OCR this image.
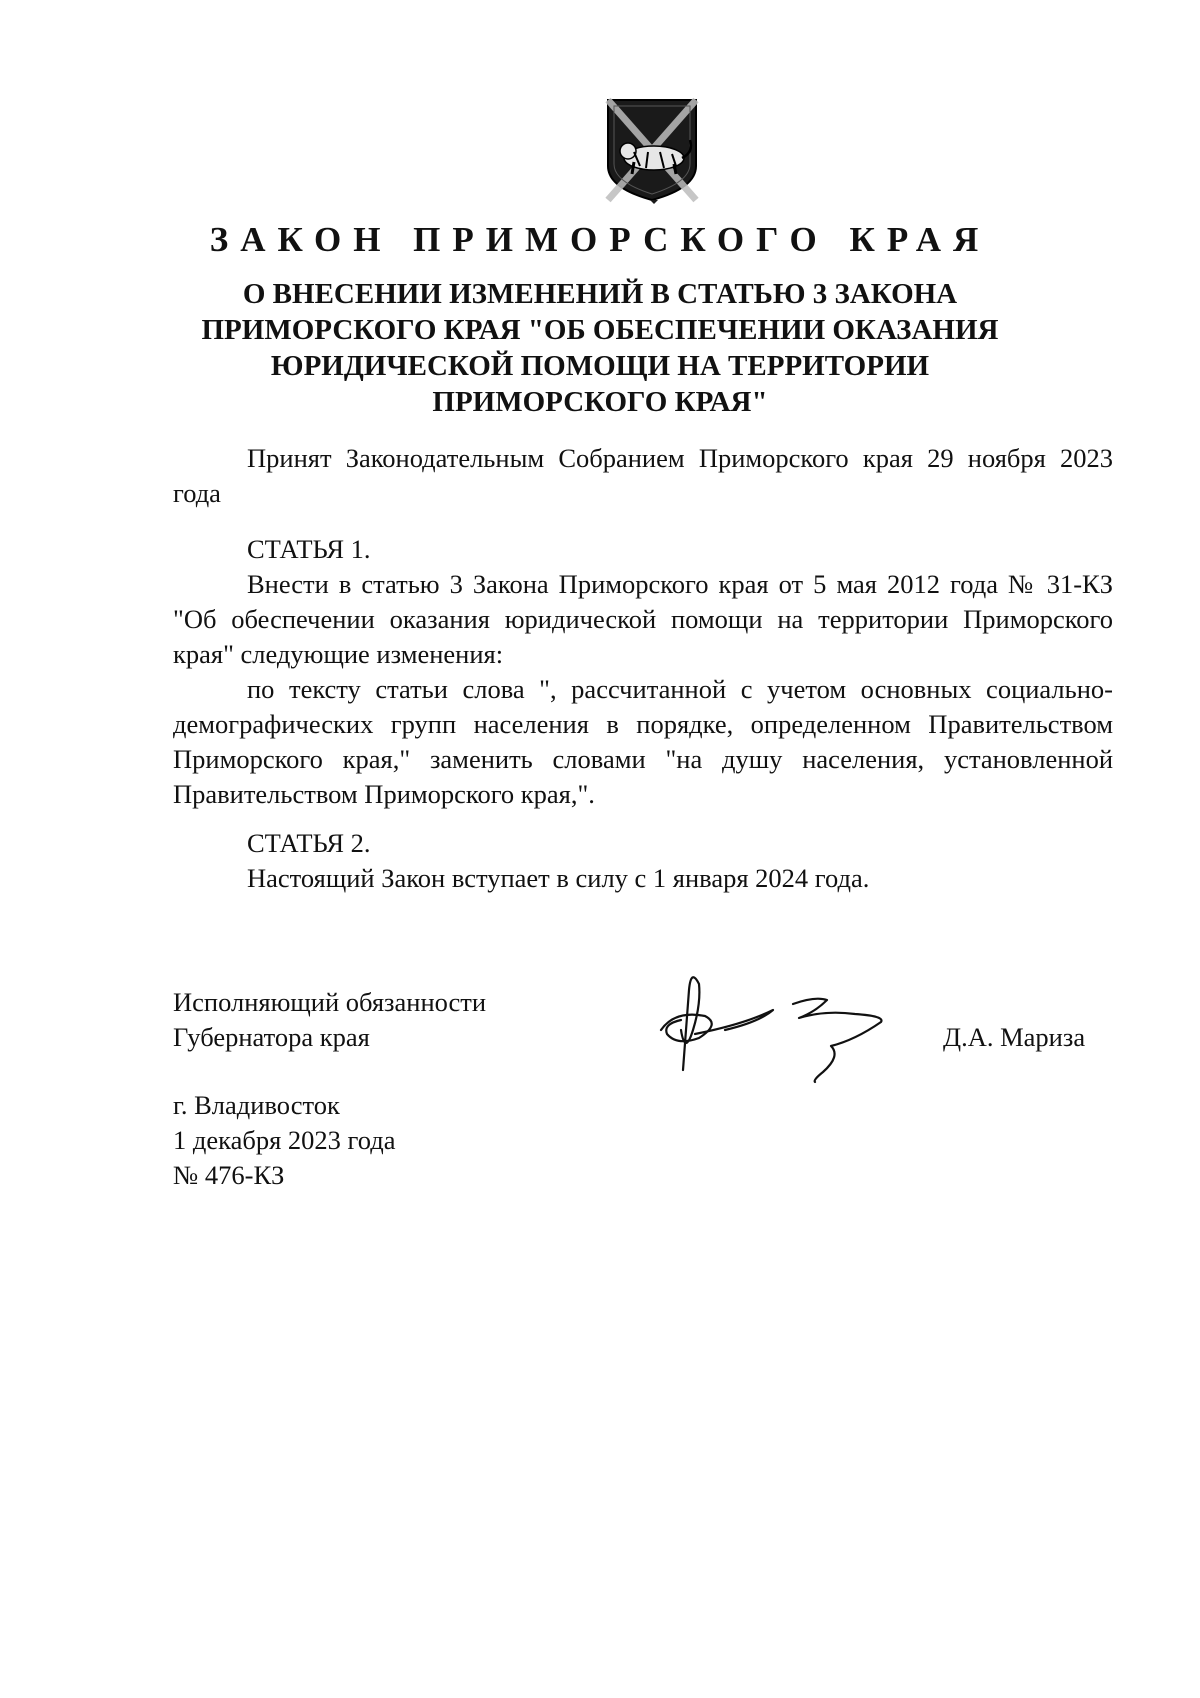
ЗАКОН ПРИМОРСКОГО КРАЯ
О ВНЕСЕНИИ ИЗМЕНЕНИЙ В СТАТЬЮ 3 ЗАКОНА
ПРИМОРСКОГО КРАЯ "ОБ ОБЕСПЕЧЕНИИ ОКАЗАНИЯ
ЮРИДИЧЕСКОЙ ПОМОЩИ НА ТЕРРИТОРИИ
ПРИМОРСКОГО КРАЯ"

Принят Законодательным Собранием Приморского края 29 ноября 2023 года

СТАТЬЯ 1.

Внести в статью 3 Закона Приморского края от 5 мая 2012 года № 31-КЗ "Об обеспечении оказания юридической помощи на территории Приморского края" следующие изменения:

по тексту статьи слова ", рассчитанной с учетом основных социально-демографических групп населения в порядке, определенном Правительством Приморского края," заменить словами "на душу населения, установленной Правительством Приморского края,".

СТАТЬЯ 2.

Настоящий Закон вступает в силу с 1 января 2024 года.

Исполняющий обязанности
Губернатора края	Д.А. Мариза
г. Владивосток
1 декабря 2023 года
№ 476-КЗ
